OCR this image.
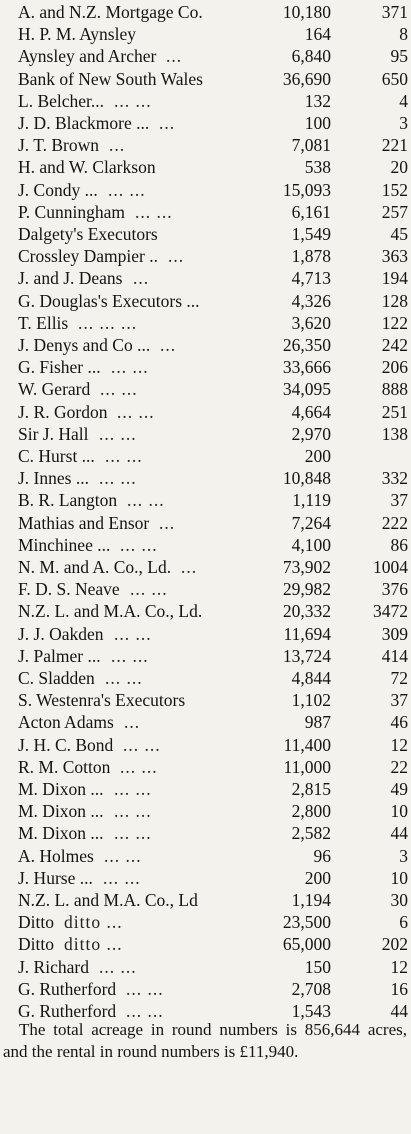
A. and N.Z. Mortgage Co.	10,180	371
H. P. M. Aynsley	164	8
Aynsley and Archer ...	6,840	95
Bank of New South Wales	36,690	650
L. Belcher... ... ...	132	4
J. D. Blackmore ... ...	100	3
J. T. Brown ...	7,081	221
H. and W. Clarkson	538	20
J. Condy ... ... ...	15,093	152
P. Cunningham ... ...	6,161	257
Dalgety's Executors	1,549	45
Crossley Dampier .. ...	1,878	363
J. and J. Deans ...	4,713	194
G. Douglas's Executors ...	4,326	128
T. Ellis ... ... ...	3,620	122
J. Denys and Co ... ...	26,350	242
G. Fisher ... ... ...	33,666	206
W. Gerard ... ...	34,095	888
J. R. Gordon ... ...	4,664	251
Sir J. Hall ... ...	2,970	138
C. Hurst ... ... ...	200
J. Innes ... ... ...	10,848	332
B. R. Langton ... ...	1,119	37
Mathias and Ensor ...	7,264	222
Minchinee ... ... ...	4,100	86
N. M. and A. Co., Ld. ...	73,902 1004
F. D. S. Neave ... ...	29,982	376
N.Z. L. and M.A. Co., Ld.	20,332 3472
J. J. Oakden ... ...	11,694	309
J. Palmer ... ... ...	13,724	414
C. Sladden ... ...	4,844	72
S. Westenra's Executors	1,102	37
Acton Adams ...	987	46
J. H. C. Bond ... ...	11,400	12
R. M. Cotton ... ...	11,000	22
M. Dixon ... ... ...	2,815	49
M. Dixon ... ... ...	2,800	10
M. Dixon ... ... ...	2,582	44
A. Holmes ... ...	96	3
J. Hurse ... ... ...	200	10
N.Z. L. and M.A. Co., Ld	1,194	30
Ditto ditto ...	23,500	6
Ditto ditto ...	65,000	202
J. Richard ... ...	150	12
G. Rutherford ... ...	2,708	16
G. Rutherford ... ...	1,543	44
The total acreage in round numbers is 856,644 acres, and the rental in round numbers is £11,940.
